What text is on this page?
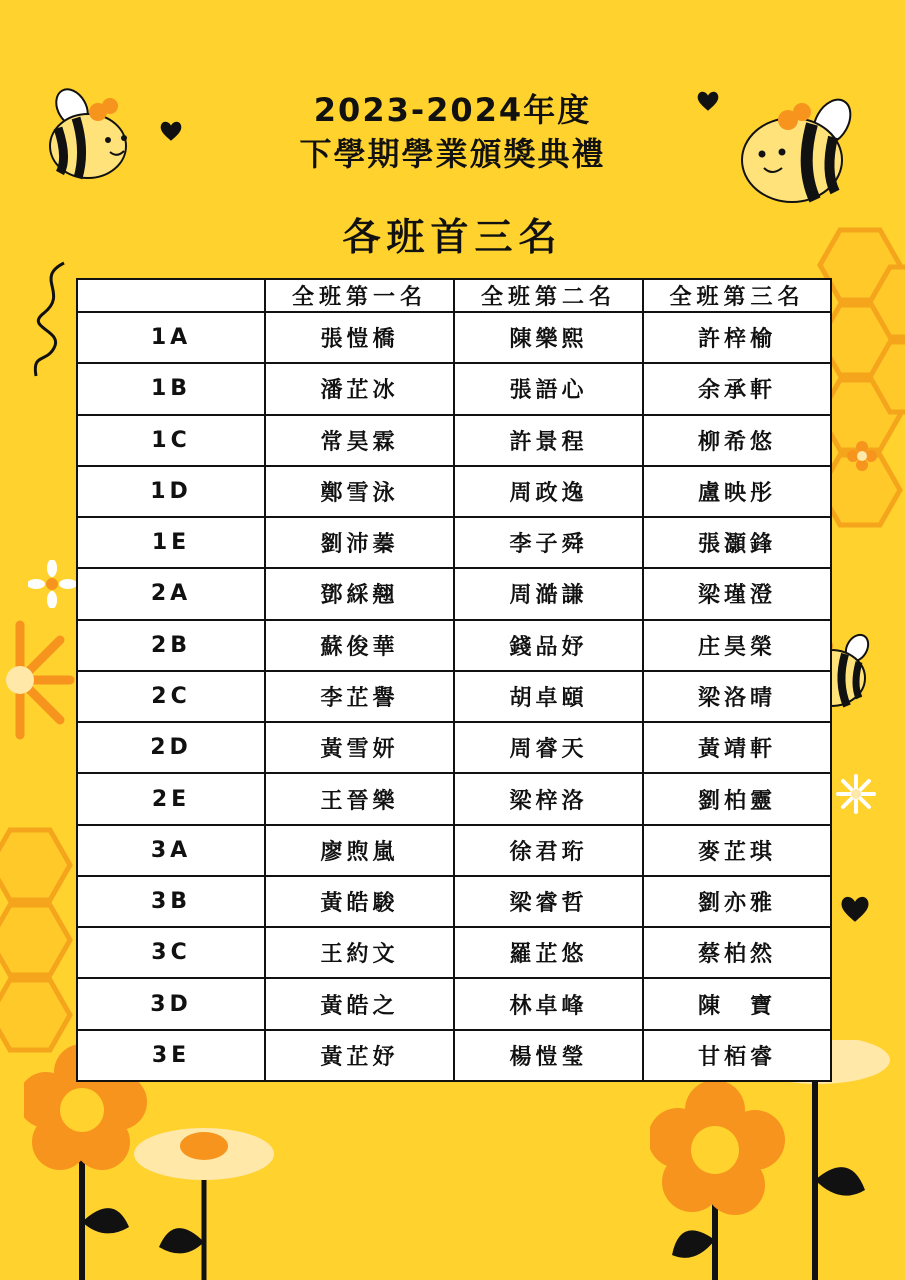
2023-2024年度
下學期學業頒獎典禮
各班首三名
	全班第一名	全班第二名	全班第三名
1A	張愷橋	陳樂熙	許梓榆
1B	潘芷冰	張語心	余承軒
1C	常昊霖	許景程	柳希悠
1D	鄭雪泳	周政逸	盧映彤
1E	劉沛蓁	李子舜	張灝鋒
2A	鄧綵翹	周澔謙	梁瑾澄
2B	蘇俊華	錢品妤	庄昊榮
2C	李芷譽	胡卓頤	梁洛晴
2D	黃雪妍	周睿天	黃靖軒
2E	王晉樂	梁梓洛	劉柏靈
3A	廖煦嵐	徐君珩	麥芷琪
3B	黃皓駿	梁睿哲	劉亦雅
3C	王約文	羅芷悠	蔡柏然
3D	黃皓之	林卓峰	陳　寶
3E	黃芷妤	楊愷瑩	甘栢睿
